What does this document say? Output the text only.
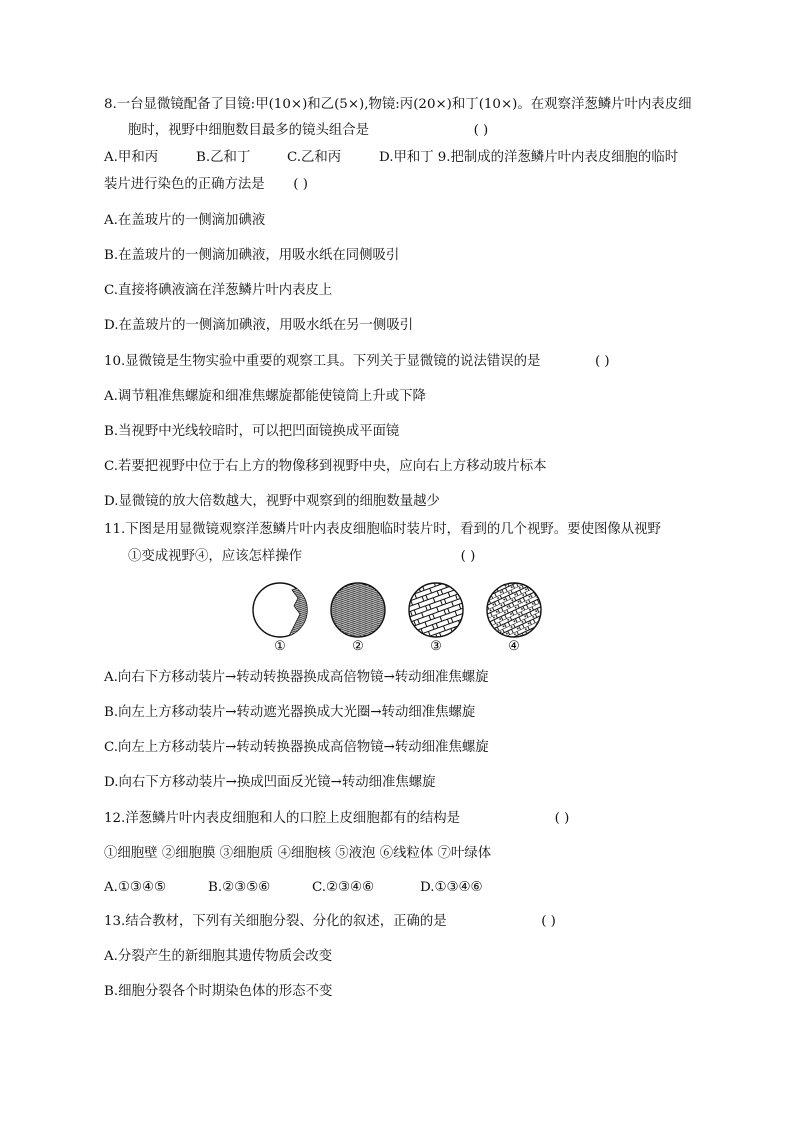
8.一台显微镜配备了目镜:甲(10×)和乙(5×),物镜:丙(20×)和丁(10×)。在观察洋葱鳞片叶内表皮细
胞时，视野中细胞数目最多的镜头组合是	( )
A.甲和丙	B.乙和丁	C.乙和丙	D.甲和丁 9.把制成的洋葱鳞片叶内表皮细胞的临时
装片进行染色的正确方法是 ( )
A.在盖玻片的一侧滴加碘液
B.在盖玻片的一侧滴加碘液，用吸水纸在同侧吸引
C.直接将碘液滴在洋葱鳞片叶内表皮上
D.在盖玻片的一侧滴加碘液，用吸水纸在另一侧吸引
10.显微镜是生物实验中重要的观察工具。下列关于显微镜的说法错误的是	( )
A.调节粗准焦螺旋和细准焦螺旋都能使镜筒上升或下降
B.当视野中光线较暗时，可以把凹面镜换成平面镜
C.若要把视野中位于右上方的物像移到视野中央，应向右上方移动玻片标本
D.显微镜的放大倍数越大，视野中观察到的细胞数量越少
11.下图是用显微镜观察洋葱鳞片叶内表皮细胞临时装片时，看到的几个视野。要使图像从视野
①变成视野④，应该怎样操作	( )
①	②	③	④
A.向右下方移动装片→转动转换器换成高倍物镜→转动细准焦螺旋
B.向左上方移动装片→转动遮光器换成大光圈→转动细准焦螺旋
C.向左上方移动装片→转动转换器换成高倍物镜→转动细准焦螺旋
D.向右下方移动装片→换成凹面反光镜→转动细准焦螺旋
12.洋葱鳞片叶内表皮细胞和人的口腔上皮细胞都有的结构是	( )
①细胞壁 ②细胞膜 ③细胞质 ④细胞核 ⑤液泡 ⑥线粒体 ⑦叶绿体
A.①③④⑤	B.②③⑤⑥	C.②③④⑥	D.①③④⑥
13.结合教材，下列有关细胞分裂、分化的叙述，正确的是	( )
A.分裂产生的新细胞其遗传物质会改变
B.细胞分裂各个时期染色体的形态不变
